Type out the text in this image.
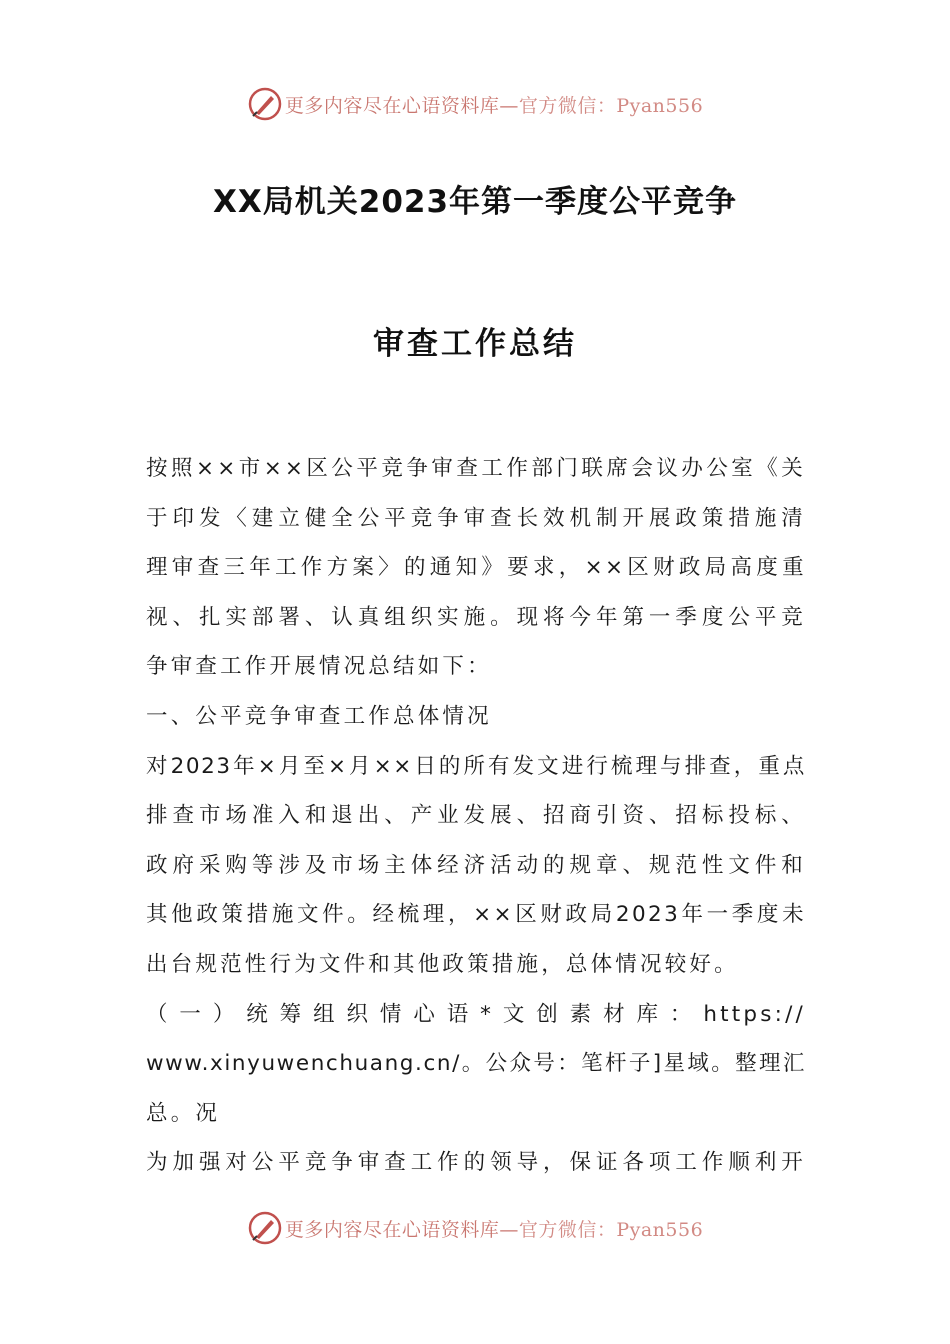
更多内容尽在心语资料库—官方微信：Pyan556
XX局机关2023年第一季度公平竞争
审查工作总结
按照××市××区公平竞争审查工作部门联席会议办公室《关
于印发〈建立健全公平竞争审查长效机制开展政策措施清
理审查三年工作方案〉的通知》要求，××区财政局高度重
视、扎实部署、认真组织实施。现将今年第一季度公平竞
争审查工作开展情况总结如下：
一、公平竞争审查工作总体情况
对2023年×月至×月××日的所有发文进行梳理与排查，重点
排查市场准入和退出、产业发展、招商引资、招标投标、
政府采购等涉及市场主体经济活动的规章、规范性文件和
其他政策措施文件。经梳理，××区财政局2023年一季度未
出台规范性行为文件和其他政策措施，总体情况较好。
（一）统筹组织情心语*文创素材库：https://
www.xinyuwenchuang.cn/。公众号：笔杆子]星域。整理汇
总。况
为加强对公平竞争审查工作的领导，保证各项工作顺利开
更多内容尽在心语资料库—官方微信：Pyan556
